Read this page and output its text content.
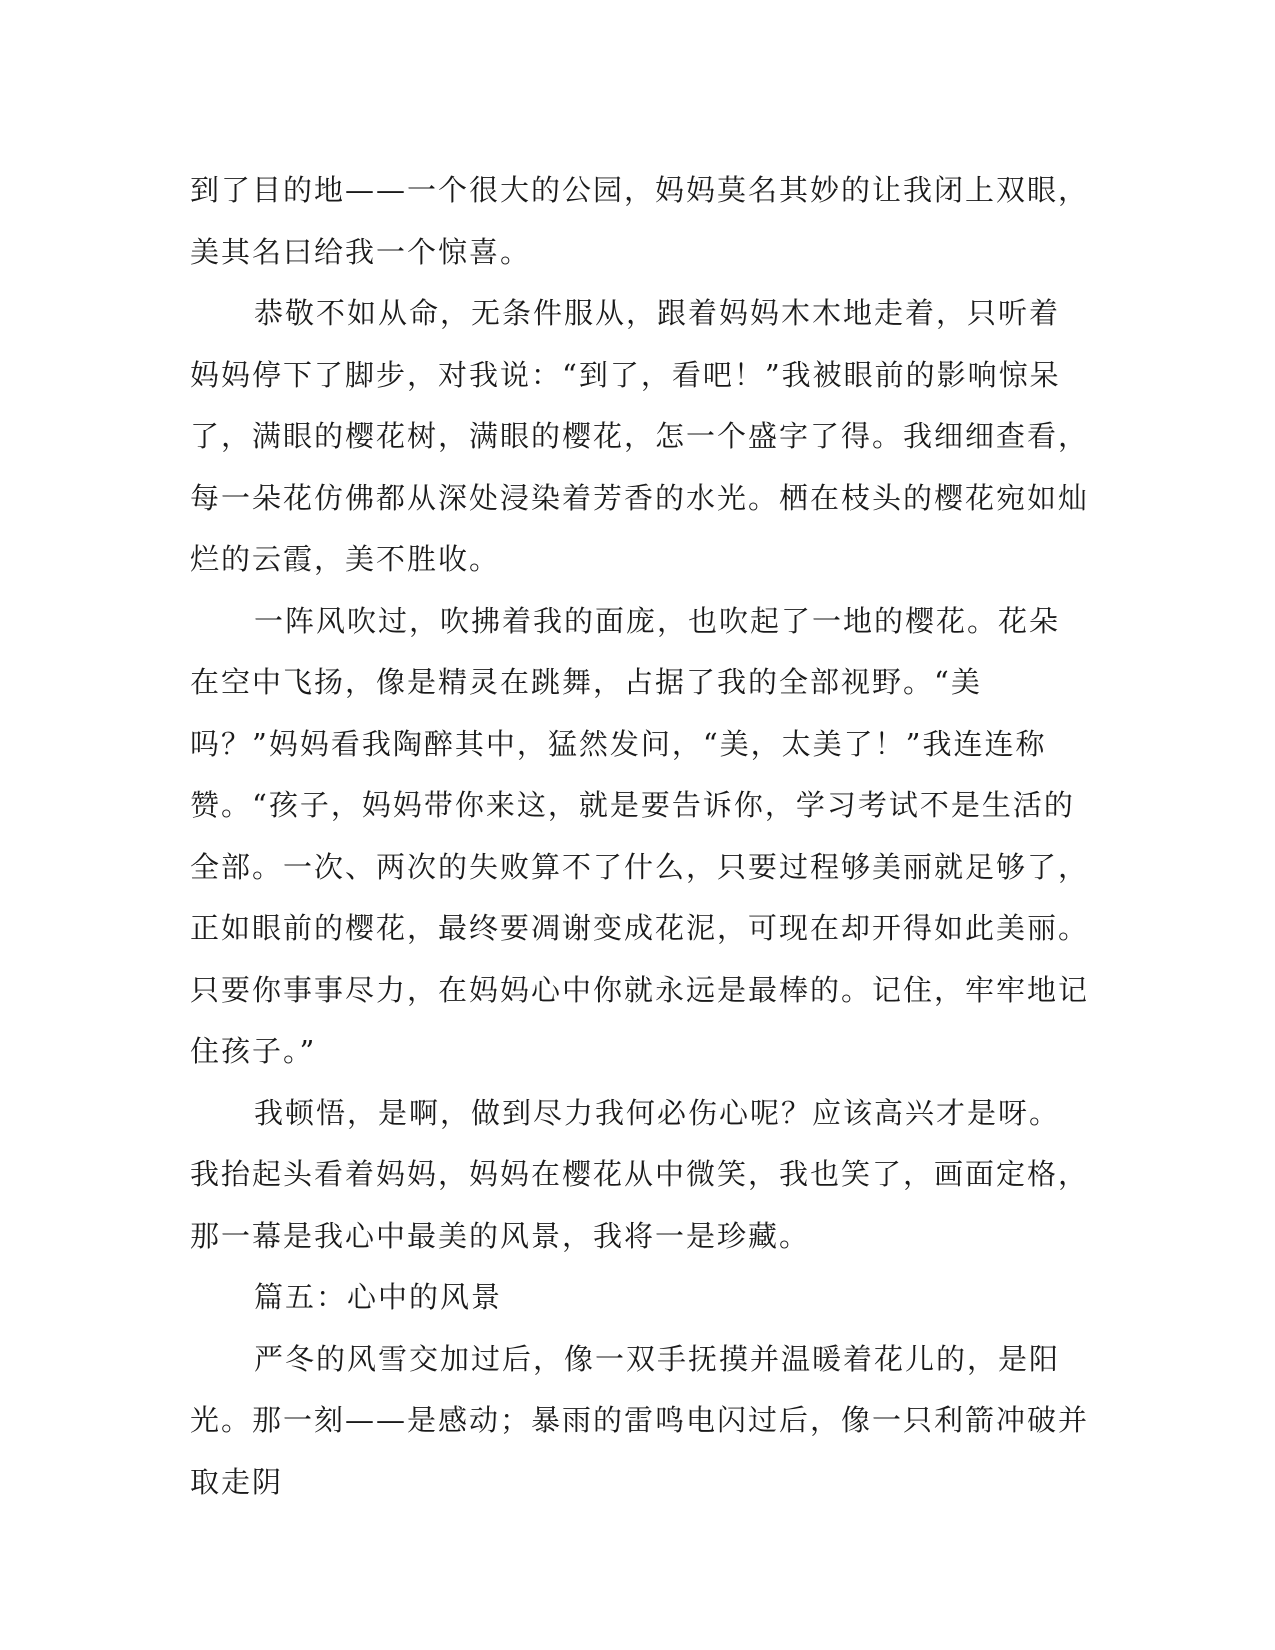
到了目的地——一个很大的公园，妈妈莫名其妙的让我闭上双眼，美其名曰给我一个惊喜。

恭敬不如从命，无条件服从，跟着妈妈木木地走着，只听着妈妈停下了脚步，对我说：“到了，看吧！”我被眼前的影响惊呆了，满眼的樱花树，满眼的樱花，怎一个盛字了得。我细细查看，每一朵花仿佛都从深处浸染着芳香的水光。栖在枝头的樱花宛如灿烂的云霞，美不胜收。

一阵风吹过，吹拂着我的面庞，也吹起了一地的樱花。花朵在空中飞扬，像是精灵在跳舞，占据了我的全部视野。“美吗？”妈妈看我陶醉其中，猛然发问，“美，太美了！”我连连称赞。“孩子，妈妈带你来这，就是要告诉你，学习考试不是生活的全部。一次、两次的失败算不了什么，只要过程够美丽就足够了，正如眼前的樱花，最终要凋谢变成花泥，可现在却开得如此美丽。只要你事事尽力，在妈妈心中你就永远是最棒的。记住，牢牢地记住孩子。”

我顿悟，是啊，做到尽力我何必伤心呢？应该高兴才是呀。我抬起头看着妈妈，妈妈在樱花从中微笑，我也笑了，画面定格，那一幕是我心中最美的风景，我将一是珍藏。

篇五：心中的风景

严冬的风雪交加过后，像一双手抚摸并温暖着花儿的，是阳光。那一刻——是感动；暴雨的雷鸣电闪过后，像一只利箭冲破并取走阴
